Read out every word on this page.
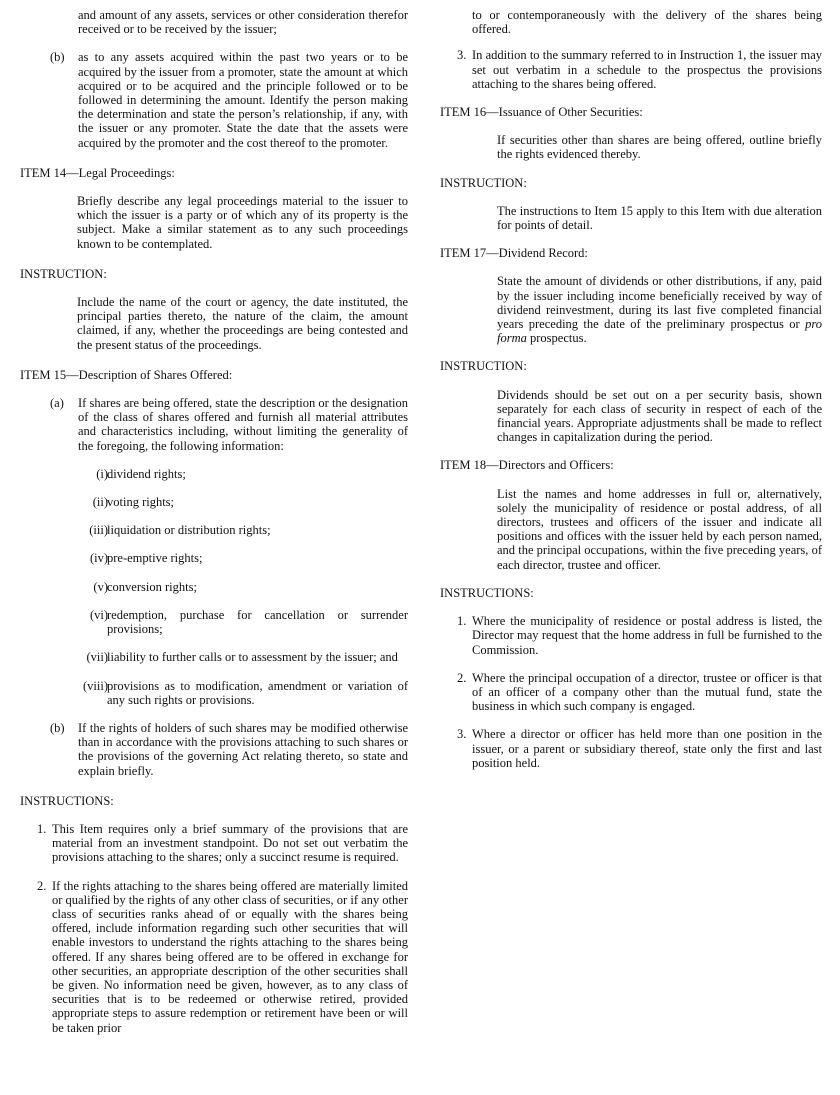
and amount of any assets, services or other consideration therefor received or to be received by the issuer;

(b) as to any assets acquired within the past two years or to be acquired by the issuer from a promoter, state the amount at which acquired or to be acquired and the principle followed or to be followed in determining the amount. Identify the person making the determination and state the person’s relationship, if any, with the issuer or any promoter. State the date that the assets were acquired by the promoter and the cost thereof to the promoter.

ITEM 14—Legal Proceedings:

Briefly describe any legal proceedings material to the issuer to which the issuer is a party or of which any of its property is the subject. Make a similar statement as to any such proceedings known to be contemplated.

INSTRUCTION:

Include the name of the court or agency, the date instituted, the principal parties thereto, the nature of the claim, the amount claimed, if any, whether the proceedings are being contested and the present status of the proceedings.

ITEM 15—Description of Shares Offered:
(a) If shares are being offered, state the description or the designation of the class of shares offered and furnish all material attributes and characteristics including, without limiting the generality of the foregoing, the following information:

(i) dividend rights;

(ii) voting rights;

(iii) liquidation or distribution rights;

(iv) pre-emptive rights;

(v) conversion rights;

(vi) redemption, purchase for cancellation or surrender provisions;

(vii) liability to further calls or to assessment by the issuer; and

(viii) provisions as to modification, amendment or variation of any such rights or provisions.

(b) If the rights of holders of such shares may be modified otherwise than in accordance with the provisions attaching to such shares or the provisions of the governing Act relating thereto, so state and explain briefly.

INSTRUCTIONS:
1. This Item requires only a brief summary of the provisions that are material from an investment standpoint. Do not set out verbatim the provisions attaching to the shares; only a succinct resume is required.

2. If the rights attaching to the shares being offered are materially limited or qualified by the rights of any other class of securities, or if any other class of securities ranks ahead of or equally with the shares being offered, include information regarding such other securities that will enable investors to understand the rights attaching to the shares being offered. If any shares being offered are to be offered in exchange for other securities, an appropriate description of the other securities shall be given. No information need be given, however, as to any class of securities that is to be redeemed or otherwise retired, provided appropriate steps to assure redemption or retirement have been or will be taken prior

to or contemporaneously with the delivery of the shares being offered.

3. In addition to the summary referred to in Instruction 1, the issuer may set out verbatim in a schedule to the prospectus the provisions attaching to the shares being offered.

ITEM 16—Issuance of Other Securities:

If securities other than shares are being offered, outline briefly the rights evidenced thereby.

INSTRUCTION:

The instructions to Item 15 apply to this Item with due alteration for points of detail.

ITEM 17—Dividend Record:

State the amount of dividends or other distributions, if any, paid by the issuer including income beneficially received by way of dividend reinvestment, during its last five completed financial years preceding the date of the preliminary prospectus or pro forma prospectus.

INSTRUCTION:

Dividends should be set out on a per security basis, shown separately for each class of security in respect of each of the financial years. Appropriate adjustments shall be made to reflect changes in capitalization during the period.

ITEM 18—Directors and Officers:

List the names and home addresses in full or, alternatively, solely the municipality of residence or postal address, of all directors, trustees and officers of the issuer and indicate all positions and offices with the issuer held by each person named, and the principal occupations, within the five preceding years, of each director, trustee and officer.

INSTRUCTIONS:
1. Where the municipality of residence or postal address is listed, the Director may request that the home address in full be furnished to the Commission.

2. Where the principal occupation of a director, trustee or officer is that of an officer of a company other than the mutual fund, state the business in which such company is engaged.

3. Where a director or officer has held more than one position in the issuer, or a parent or subsidiary thereof, state only the first and last position held.
